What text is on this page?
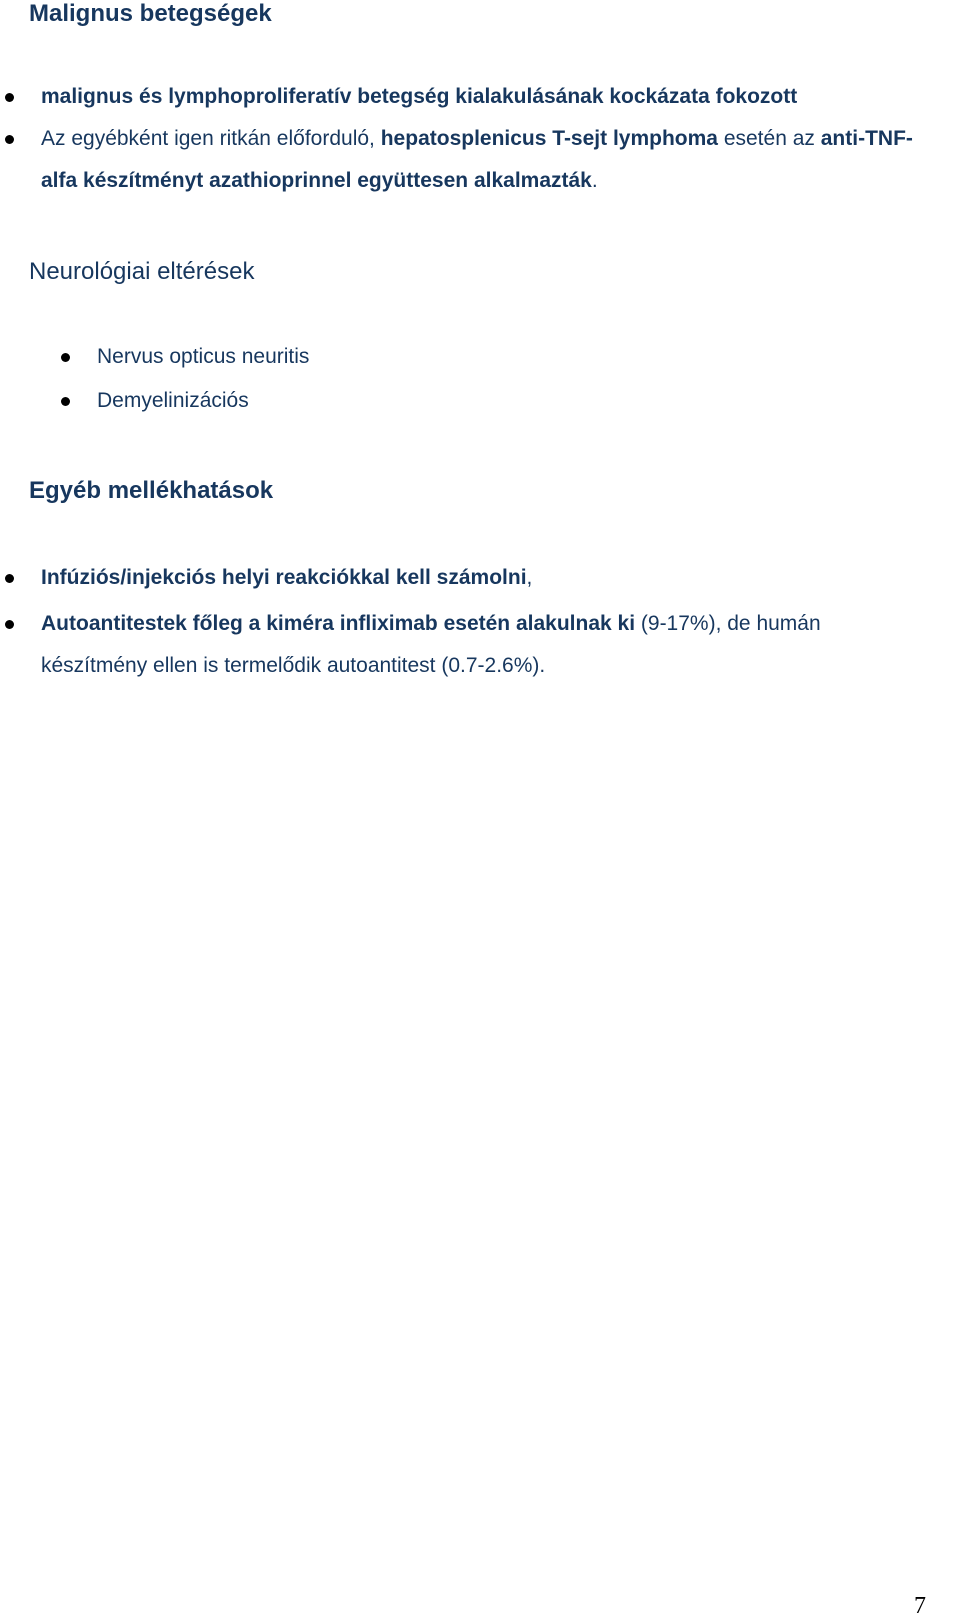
Malignus betegségek
malignus és lymphoproliferatív betegség kialakulásának kockázata fokozott
Az egyébként igen ritkán előforduló, hepatosplenicus T-sejt lymphoma esetén az anti-TNF-alfa készítményt azathioprinnel együttesen alkalmazták.
Neurológiai eltérések
Nervus opticus neuritis
Demyelinizációs
Egyéb mellékhatások
Infúziós/injekciós helyi reakciókkal kell számolni,
Autoantitestek főleg a kiméra infliximab esetén alakulnak ki (9-17%), de humán készítmény ellen is termelődik autoantitest (0.7-2.6%).
7
